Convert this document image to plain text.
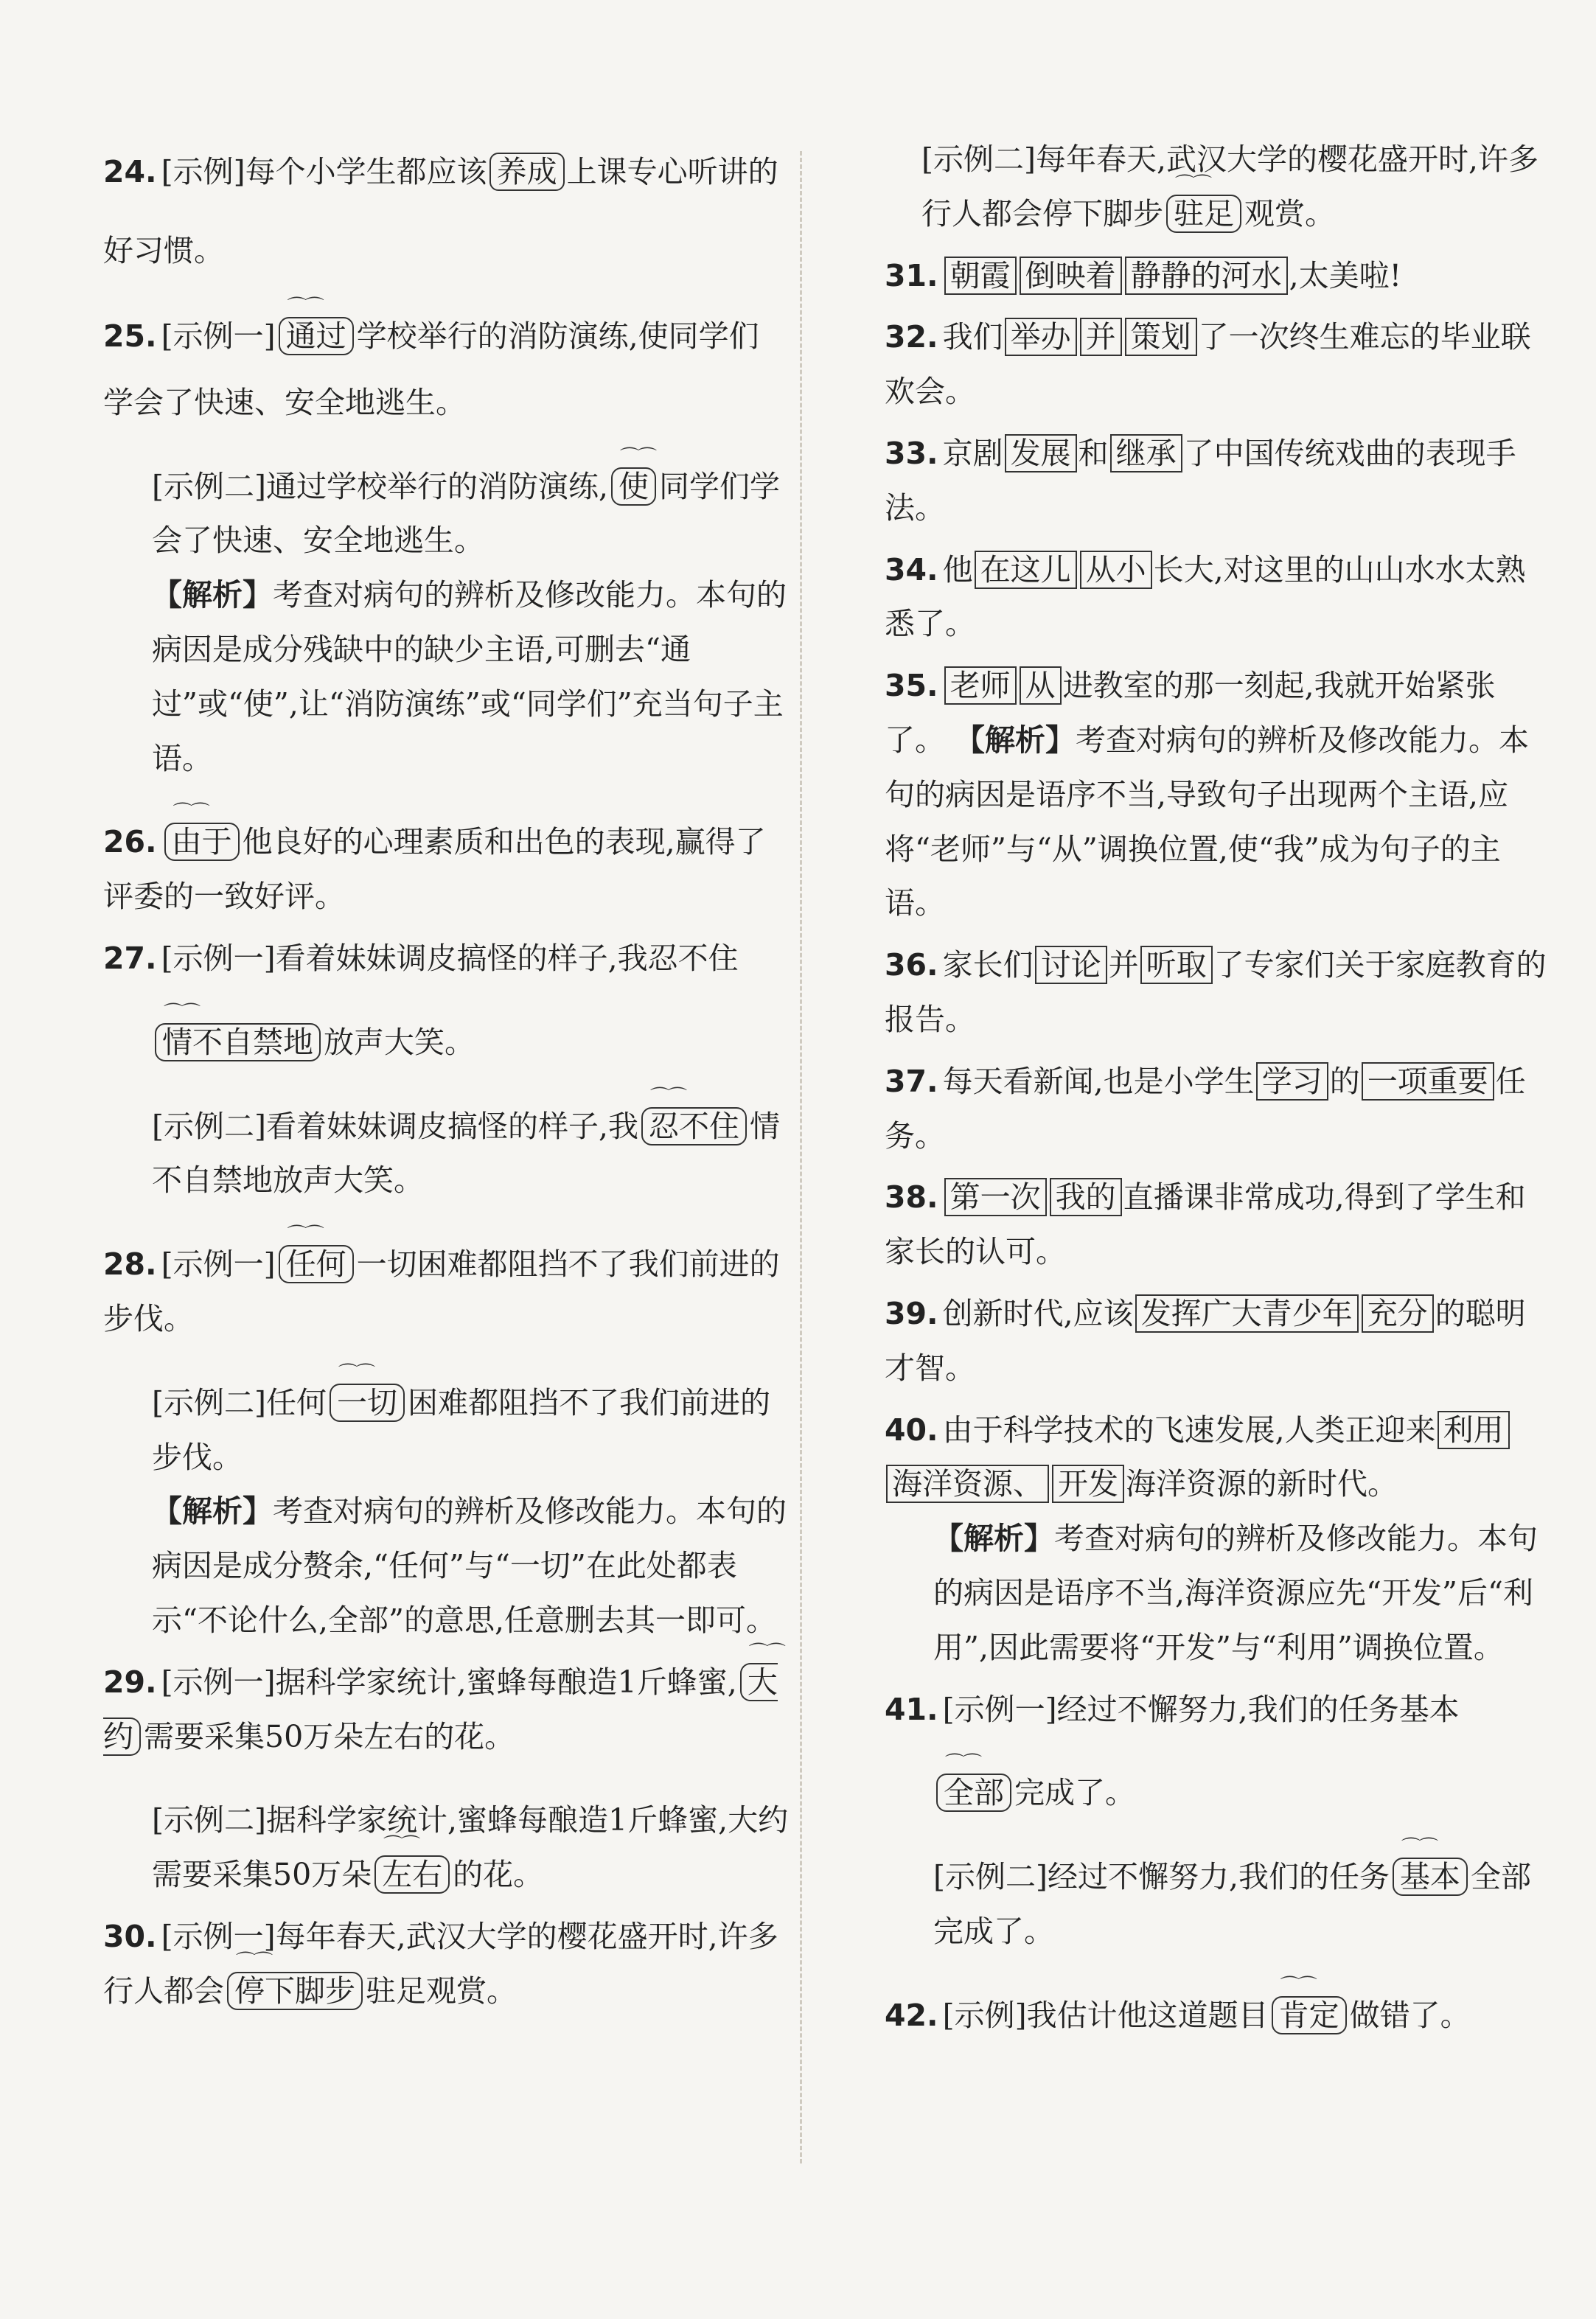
24. [示例]每个小学生都应该 养成 上课专心听讲的好习惯。
25. [示例一] ⌒⌒ 通过 学校举行的消防演练,使同学们学会了快速、安全地逃生。
[示例二]通过学校举行的消防演练, ⌒⌒ 使 同学们学会了快速、安全地逃生。
【解析】考查对病句的辨析及修改能力。本句的病因是成分残缺中的缺少主语,可删去“通过”或“使”,让“消防演练”或“同学们”充当句子主语。
26. ⌒⌒ 由于 他良好的心理素质和出色的表现,赢得了评委的一致好评。
27. [示例一]看着妹妹调皮搞怪的样子,我忍不住
⌒⌒ 情不自禁地 放声大笑。
[示例二]看着妹妹调皮搞怪的样子,我 ⌒⌒ 忍不住 情不自禁地放声大笑。
28. [示例一] ⌒⌒ 任何 一切困难都阻挡不了我们前进的步伐。
[示例二]任何 ⌒⌒ 一切 困难都阻挡不了我们前进的步伐。
【解析】考查对病句的辨析及修改能力。本句的病因是成分赘余,“任何”与“一切”在此处都表示“不论什么,全部”的意思,任意删去其一即可。
29. [示例一]据科学家统计,蜜蜂每酿造1斤蜂蜜, ⌒⌒ 大约 需要采集50万朵左右的花。
[示例二]据科学家统计,蜜蜂每酿造1斤蜂蜜,大约需要采集50万朵 ⌒⌒ 左右 的花。
30. [示例一]每年春天,武汉大学的樱花盛开时,许多行人都会 ⌒⌒ 停下脚步 驻足观赏。
[示例二]每年春天,武汉大学的樱花盛开时,许多行人都会停下脚步 ⌒⌒ 驻足 观赏。
31. 朝霞 倒映着 静静的河水 ,太美啦!
32. 我们 举办 并 策划 了一次终生难忘的毕业联欢会。
33. 京剧 发展 和 继承 了中国传统戏曲的表现手法。
34. 他 在这儿 从小 长大,对这里的山山水水太熟悉了。
35. 老师 从 进教室的那一刻起,我就开始紧张了。 【解析】考查对病句的辨析及修改能力。本句的病因是语序不当,导致句子出现两个主语,应将“老师”与“从”调换位置,使“我”成为句子的主语。
36. 家长们 讨论 并 听取 了专家们关于家庭教育的报告。
37. 每天看新闻,也是小学生 学习 的 一项重要 任务。
38. 第一次 我的 直播课非常成功,得到了学生和家长的认可。
39. 创新时代,应该 发挥广大青少年 充分 的聪明才智。
40. 由于科学技术的飞速发展,人类正迎来 利用海洋资源、 开发 海洋资源的新时代。
【解析】考查对病句的辨析及修改能力。本句的病因是语序不当,海洋资源应先“开发”后“利用”,因此需要将“开发”与“利用”调换位置。
41. [示例一]经过不懈努力,我们的任务基本
⌒⌒ 全部 完成了。
[示例二]经过不懈努力,我们的任务 ⌒⌒ 基本 全部完成了。
42. [示例]我估计他这道题目 ⌒⌒ 肯定 做错了。
